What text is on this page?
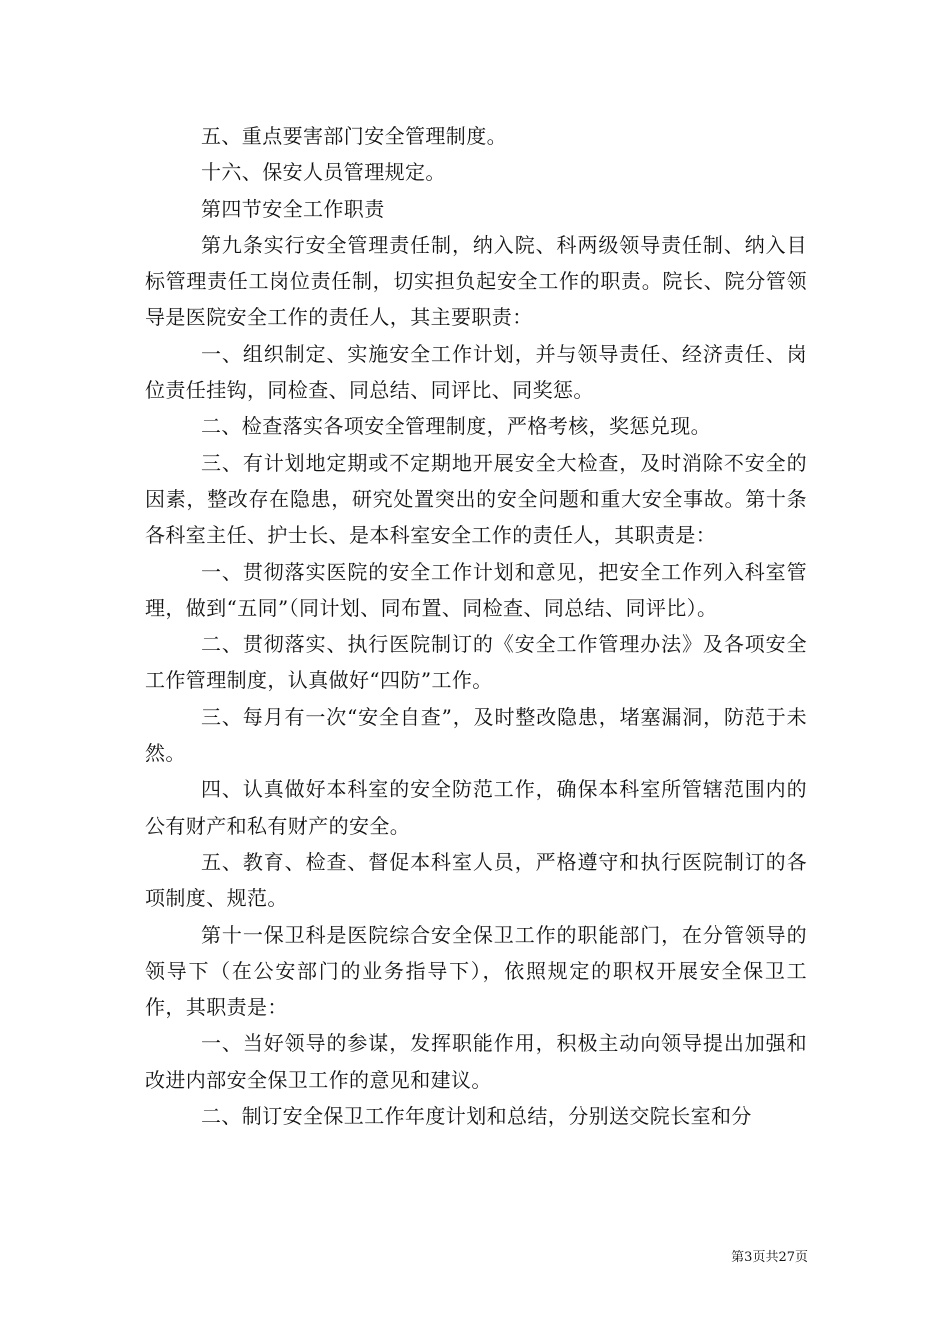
五、重点要害部门安全管理制度。

十六、保安人员管理规定。

第四节安全工作职责

第九条实行安全管理责任制，纳入院、科两级领导责任制、纳入目标管理责任工岗位责任制，切实担负起安全工作的职责。院长、院分管领导是医院安全工作的责任人，其主要职责：

一、组织制定、实施安全工作计划，并与领导责任、经济责任、岗位责任挂钩，同检查、同总结、同评比、同奖惩。

二、检查落实各项安全管理制度，严格考核，奖惩兑现。

三、有计划地定期或不定期地开展安全大检查，及时消除不安全的因素，整改存在隐患，研究处置突出的安全问题和重大安全事故。第十条各科室主任、护士长、是本科室安全工作的责任人，其职责是：

一、贯彻落实医院的安全工作计划和意见，把安全工作列入科室管理，做到“五同”（同计划、同布置、同检查、同总结、同评比）。

二、贯彻落实、执行医院制订的《安全工作管理办法》及各项安全工作管理制度，认真做好“四防”工作。

三、每月有一次“安全自查”，及时整改隐患，堵塞漏洞，防范于未然。

四、认真做好本科室的安全防范工作，确保本科室所管辖范围内的公有财产和私有财产的安全。

五、教育、检查、督促本科室人员，严格遵守和执行医院制订的各项制度、规范。

第十一保卫科是医院综合安全保卫工作的职能部门，在分管领导的领导下（在公安部门的业务指导下），依照规定的职权开展安全保卫工作，其职责是：

一、当好领导的参谋，发挥职能作用，积极主动向领导提出加强和改进内部安全保卫工作的意见和建议。

二、制订安全保卫工作年度计划和总结，分别送交院长室和分

第3页共27页
